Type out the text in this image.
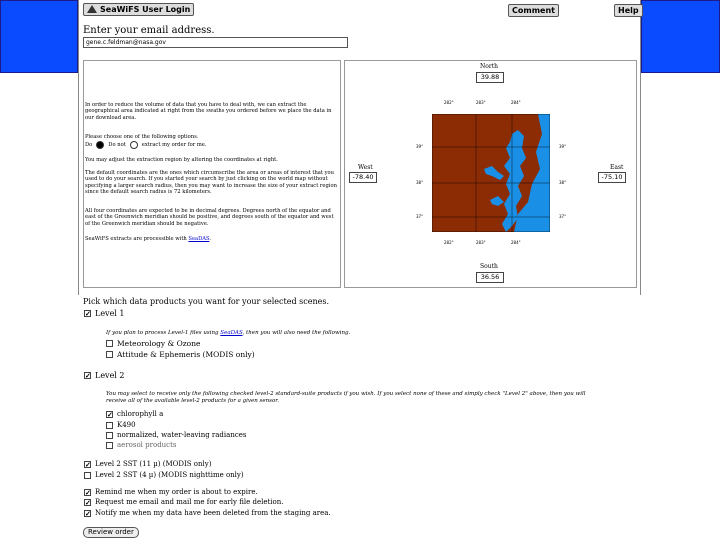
SeaWiFS User Login	Comment	Help
Enter your email address.
gene.c.feldman@nasa.gov
In order to reduce the volume of data that you have to deal with, we can extract the geographical area indicated at right from the swaths you ordered before we place the data in our download area.
Please choose one of the following options.
Do	Do not	extract my order for me.
You may adjust the extraction region by altering the coordinates at right.
The default coordinates are the ones which circumscribe the area or areas of interest that you used to do your search. If you started your search by just clicking on the world map without specifying a larger search radius, then you may want to increase the size of your extract region since the default search radius is 72 kilometers.
All four coordinates are expected to be in decimal degrees. Degrees north of the equator and east of the Greenwich meridian should be positive, and degrees south of the equator and west of the Greenwich meridian should be negative.
SeaWiFS extracts are processible with SeaDAS.
North
39.88
South
36.56
West
-78.40
East
-75.10
282°	283°	284°
282°	283°	284°
39°
38°
37°
39°
38°
37°
Pick which data products you want for your selected scenes.
✓
Level 1
If you plan to process Level-1 files using SeaDAS, then you will also need the following.
Meteorology & Ozone
Attitude & Ephemeris (MODIS only)
✓
Level 2
You may select to receive only the following checked level-2 standard-suite products if you wish. If you select none of these and simply check "Level 2" above, then you will receive all of the available level-2 products for a given sensor.
✓
chlorophyll a
K490
normalized, water-leaving radiances
aerosol products
✓
Level 2 SST (11 µ) (MODIS only)
Level 2 SST (4 µ) (MODIS nighttime only)
✓
Remind me when my order is about to expire.
✓
Request me email and mail me for early file deletion.
✓
Notify me when my data have been deleted from the staging area.
Review order
